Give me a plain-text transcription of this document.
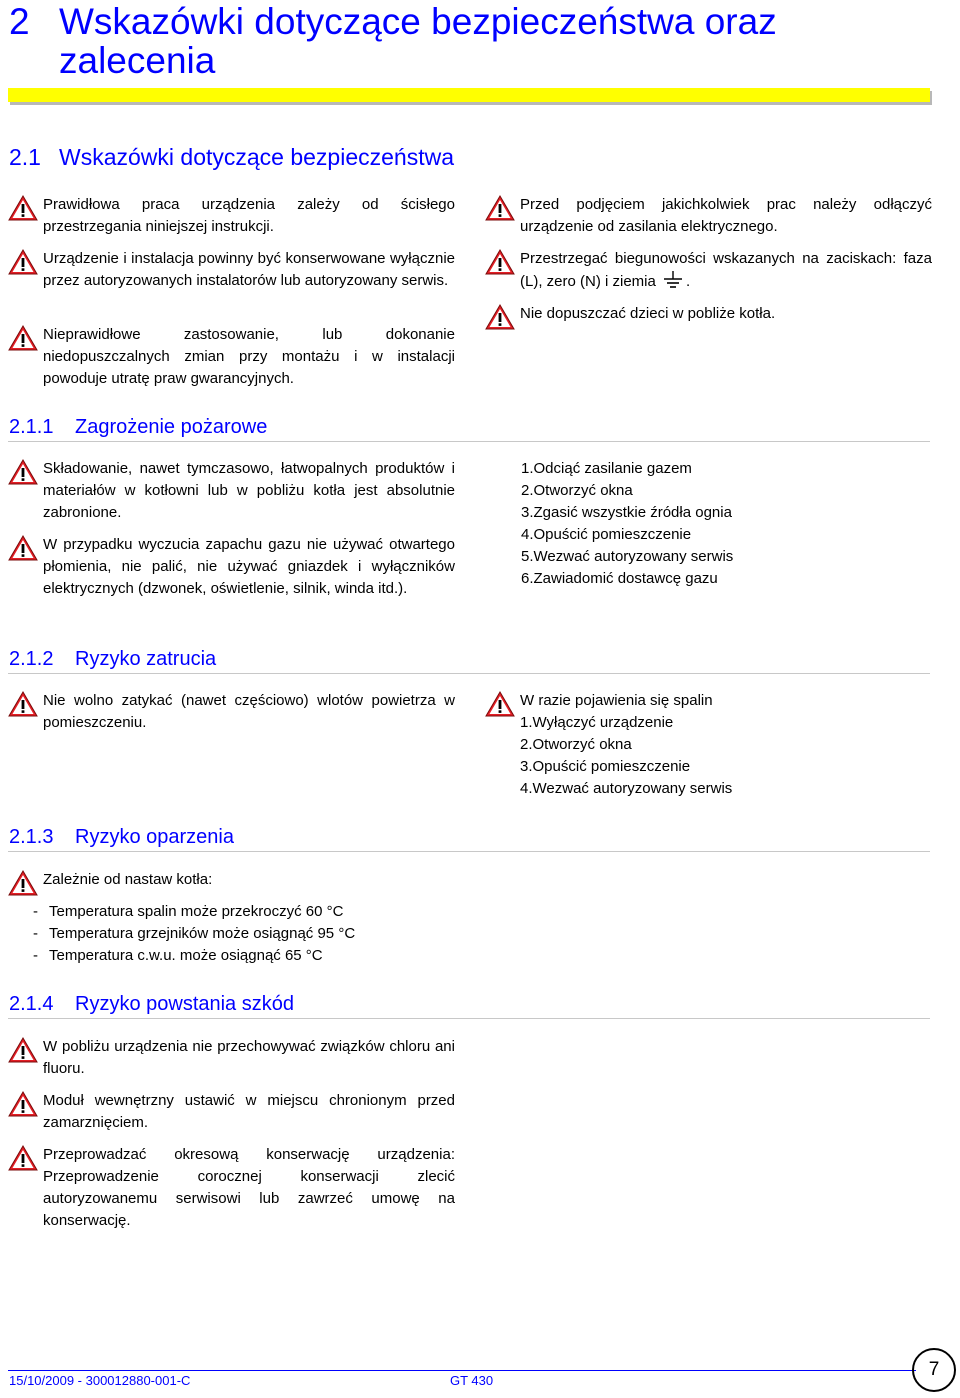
2 Wskazówki dotyczące bezpieczeństwa oraz zalecenia
2.1 Wskazówki dotyczące bezpieczeństwa
Prawidłowa praca urządzenia zależy od ścisłego przestrzegania niniejszej instrukcji.
Urządzenie i instalacja powinny być konserwowane wyłącznie przez autoryzowanych instalatorów lub autoryzowany serwis.
Nieprawidłowe zastosowanie, lub dokonanie niedopuszczalnych zmian przy montażu i w instalacji powoduje utratę praw gwarancyjnych.
Przed podjęciem jakichkolwiek prac należy odłączyć urządzenie od zasilania elektrycznego.
Przestrzegać biegunowości wskazanych na zaciskach: faza (L), zero (N) i ziemia .
Nie dopuszczać dzieci w pobliże kotła.
2.1.1 Zagrożenie pożarowe
Składowanie, nawet tymczasowo, łatwopalnych produktów i materiałów w kotłowni lub w pobliżu kotła jest absolutnie zabronione.
W przypadku wyczucia zapachu gazu nie używać otwartego płomienia, nie palić, nie używać gniazdek i wyłączników elektrycznych (dzwonek, oświetlenie, silnik, winda itd.).
1.Odciąć zasilanie gazem
2.Otworzyć okna
3.Zgasić wszystkie źródła ognia
4.Opuścić pomieszczenie
5.Wezwać autoryzowany serwis
6.Zawiadomić dostawcę gazu
2.1.2 Ryzyko zatrucia
Nie wolno zatykać (nawet częściowo) wlotów powietrza w pomieszczeniu.
W razie pojawienia się spalin
1.Wyłączyć urządzenie
2.Otworzyć okna
3.Opuścić pomieszczenie
4.Wezwać autoryzowany serwis
2.1.3 Ryzyko oparzenia
Zależnie od nastaw kotła:
- Temperatura spalin może przekroczyć 60 °C
- Temperatura grzejników może osiągnąć 95 °C
- Temperatura c.w.u. może osiągnąć 65 °C
2.1.4 Ryzyko powstania szkód
W pobliżu urządzenia nie przechowywać związków chloru ani fluoru.
Moduł wewnętrzny ustawić w miejscu chronionym przed zamarznięciem.
Przeprowadzać okresową konserwację urządzenia: Przeprowadzenie corocznej konserwacji zlecić autoryzowanemu serwisowi lub zawrzeć umowę na konserwację.
15/10/2009 - 300012880-001-C	GT 430
7
